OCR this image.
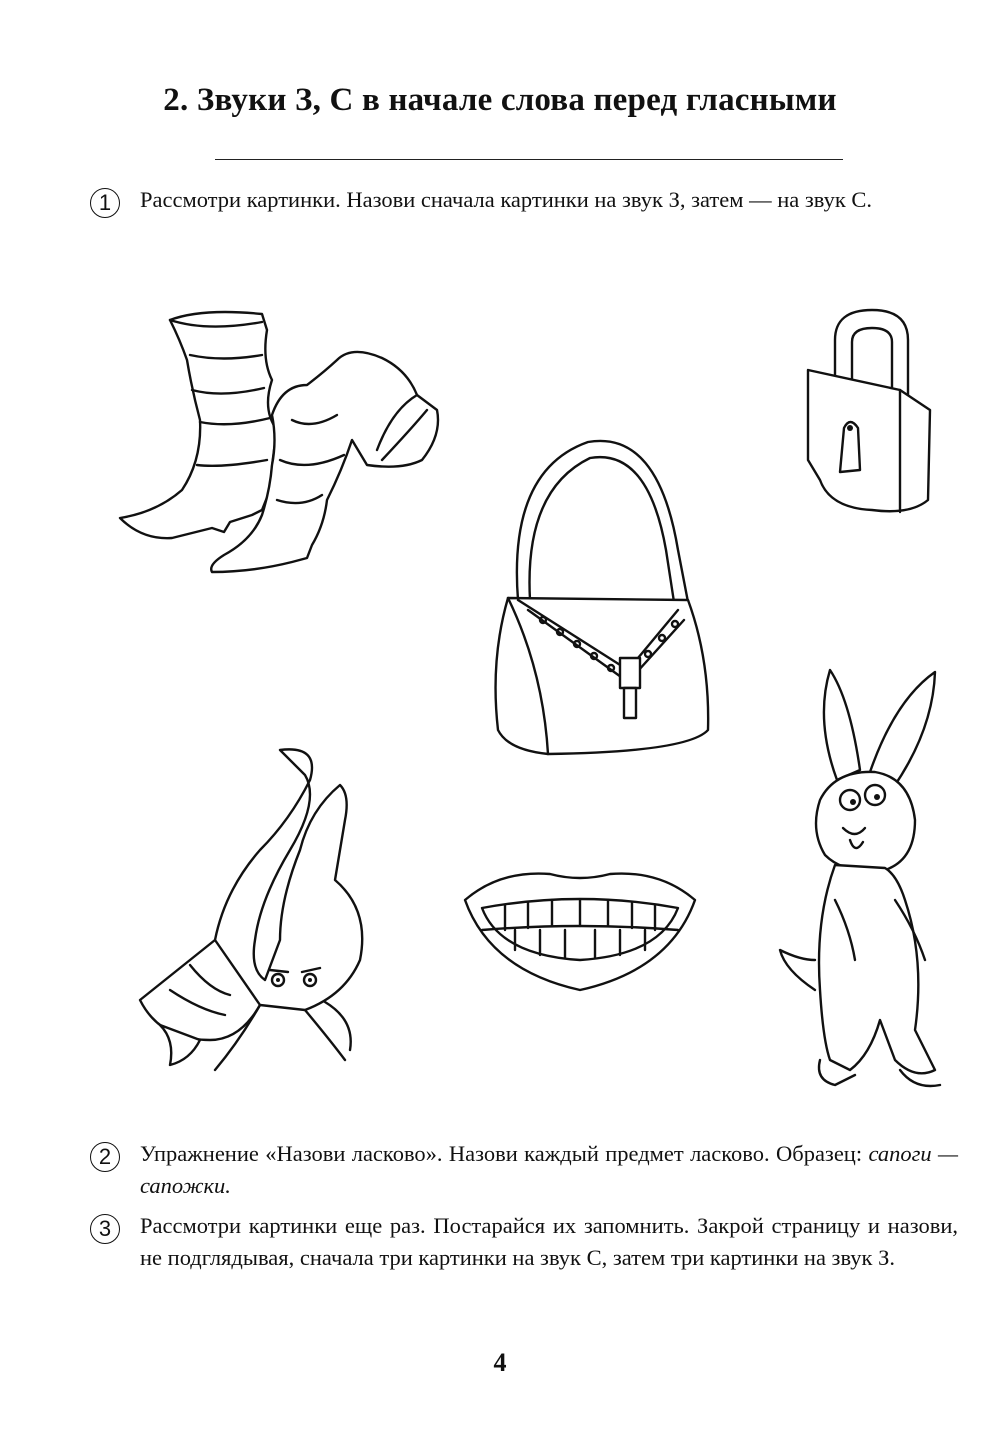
2. Звуки З, С в начале слова перед гласными
1	Рассмотри картинки. Назови сначала картинки на звук З, затем — на звук С.
2	Упражнение «Назови ласково». Назови каждый предмет ласково. Образец: сапоги — сапожки.
3	Рассмотри картинки еще раз. Постарайся их запомнить. Закрой страницу и назови, не подглядывая, сначала три картинки на звук С, затем три картинки на звук З.
4
